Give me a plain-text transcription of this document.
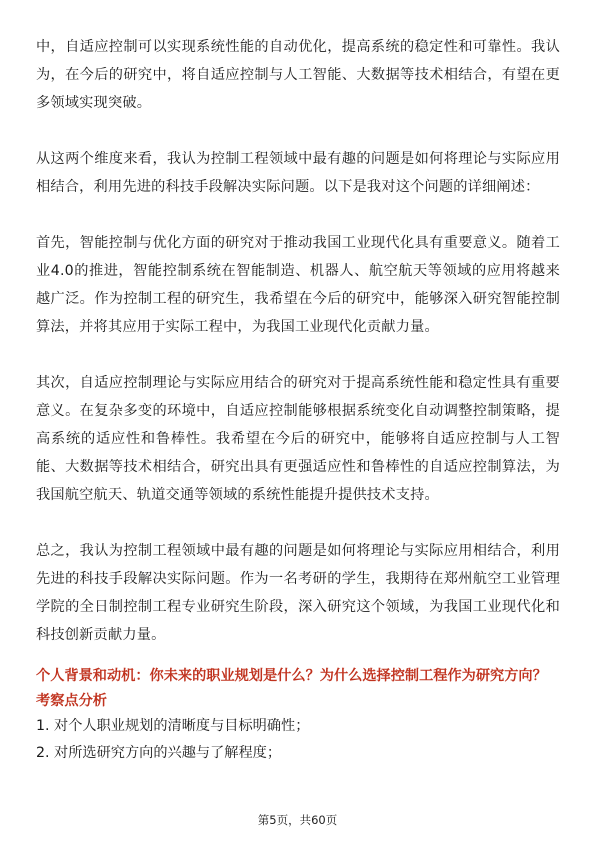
中，自适应控制可以实现系统性能的自动优化，提高系统的稳定性和可靠性。我认为，在今后的研究中，将自适应控制与人工智能、大数据等技术相结合，有望在更多领域实现突破。

从这两个维度来看，我认为控制工程领域中最有趣的问题是如何将理论与实际应用相结合，利用先进的科技手段解决实际问题。以下是我对这个问题的详细阐述：

首先，智能控制与优化方面的研究对于推动我国工业现代化具有重要意义。随着工业4.0的推进，智能控制系统在智能制造、机器人、航空航天等领域的应用将越来越广泛。作为控制工程的研究生，我希望在今后的研究中，能够深入研究智能控制算法，并将其应用于实际工程中，为我国工业现代化贡献力量。

其次，自适应控制理论与实际应用结合的研究对于提高系统性能和稳定性具有重要意义。在复杂多变的环境中，自适应控制能够根据系统变化自动调整控制策略，提高系统的适应性和鲁棒性。我希望在今后的研究中，能够将自适应控制与人工智能、大数据等技术相结合，研究出具有更强适应性和鲁棒性的自适应控制算法，为我国航空航天、轨道交通等领域的系统性能提升提供技术支持。

总之，我认为控制工程领域中最有趣的问题是如何将理论与实际应用相结合，利用先进的科技手段解决实际问题。作为一名考研的学生，我期待在郑州航空工业管理学院的全日制控制工程专业研究生阶段，深入研究这个领域，为我国工业现代化和科技创新贡献力量。

个人背景和动机：你未来的职业规划是什么？为什么选择控制工程作为研究方向？

考察点分析

1. 对个人职业规划的清晰度与目标明确性；

2. 对所选研究方向的兴趣与了解程度；

第5页，共60页
